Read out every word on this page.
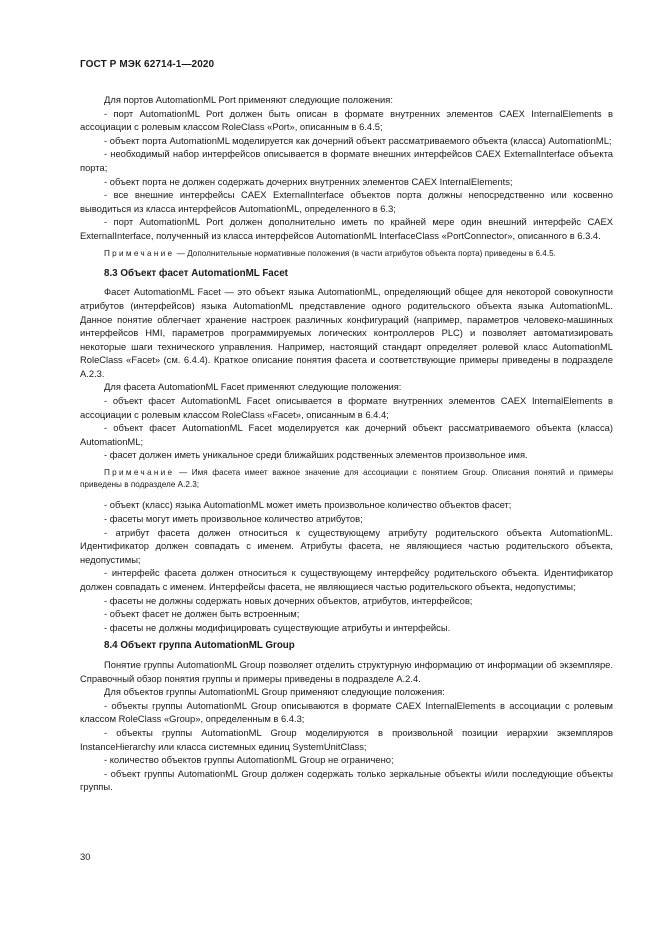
ГОСТ Р МЭК 62714-1—2020

Для портов AutomationML Port применяют следующие положения:

- порт AutomationML Port должен быть описан в формате внутренних элементов CAEX InternalElements в ассоциации с ролевым классом RoleClass «Port», описанным в 6.4.5;

- объект порта AutomationML моделируется как дочерний объект рассматриваемого объекта (класса) AutomationML;

- необходимый набор интерфейсов описывается в формате внешних интерфейсов CAEX ExternalInterface объекта порта;

- объект порта не должен содержать дочерних внутренних элементов CAEX InternalElements;

- все внешние интерфейсы CAEX ExternalInterface объектов порта должны непосредственно или косвенно выводиться из класса интерфейсов AutomationML, определенного в 6.3;

- порт AutomationML Port должен дополнительно иметь по крайней мере один внешний интерфейс CAEX ExternalInterface, полученный из класса интерфейсов AutomationML InterfaceClass «PortConnector», описанного в 6.3.4.

Примечание — Дополнительные нормативные положения (в части атрибутов объекта порта) приведены в 6.4.5.

8.3 Объект фасет AutomationML Facet

Фасет AutomationML Facet — это объект языка AutomationML, определяющий общее для некоторой совокупности атрибутов (интерфейсов) языка AutomationML представление одного родительского объекта языка AutomationML. Данное понятие облегчает хранение настроек различных конфигураций (например, параметров человеко-машинных интерфейсов HMI, параметров программируемых логических контроллеров PLC) и позволяет автоматизировать некоторые шаги технического управления. Например, настоящий стандарт определяет ролевой класс AutomationML RoleClass «Facet» (см. 6.4.4). Краткое описание понятия фасета и соответствующие примеры приведены в подразделе А.2.3.

Для фасета AutomationML Facet применяют следующие положения:

- объект фасет AutomationML Facet описывается в формате внутренних элементов CAEX InternalElements в ассоциации с ролевым классом RoleClass «Facet», описанным в 6.4.4;

- объект фасет AutomationML Facet моделируется как дочерний объект рассматриваемого объекта (класса) AutomationML;

- фасет должен иметь уникальное среди ближайших родственных элементов произвольное имя.

Примечание — Имя фасета имеет важное значение для ассоциации с понятием Group. Описания понятий и примеры приведены в подразделе А.2.3;

- объект (класс) языка AutomationML может иметь произвольное количество объектов фасет;

- фасеты могут иметь произвольное количество атрибутов;

- атрибут фасета должен относиться к существующему атрибуту родительского объекта AutomationML. Идентификатор должен совпадать с именем. Атрибуты фасета, не являющиеся частью родительского объекта, недопустимы;

- интерфейс фасета должен относиться к существующему интерфейсу родительского объекта. Идентификатор должен совпадать с именем. Интерфейсы фасета, не являющиеся частью родительского объекта, недопустимы;

- фасеты не должны содержать новых дочерних объектов, атрибутов, интерфейсов;

- объект фасет не должен быть встроенным;

- фасеты не должны модифицировать существующие атрибуты и интерфейсы.

8.4 Объект группа AutomationML Group

Понятие группы AutomationML Group позволяет отделить структурную информацию от информации об экземпляре. Справочный обзор понятия группы и примеры приведены в подразделе А.2.4.

Для объектов группы AutomationML Group применяют следующие положения:

- объекты группы AutomationML Group описываются в формате CAEX InternalElements в ассоциации с ролевым классом RoleClass «Group», определенным в 6.4.3;

- объекты группы AutomationML Group моделируются в произвольной позиции иерархии экземпляров InstanceHierarchy или класса системных единиц SystemUnitClass;

- количество объектов группы AutomationML Group не ограничено;

- объект группы AutomationML Group должен содержать только зеркальные объекты и/или последующие объекты группы.

30
